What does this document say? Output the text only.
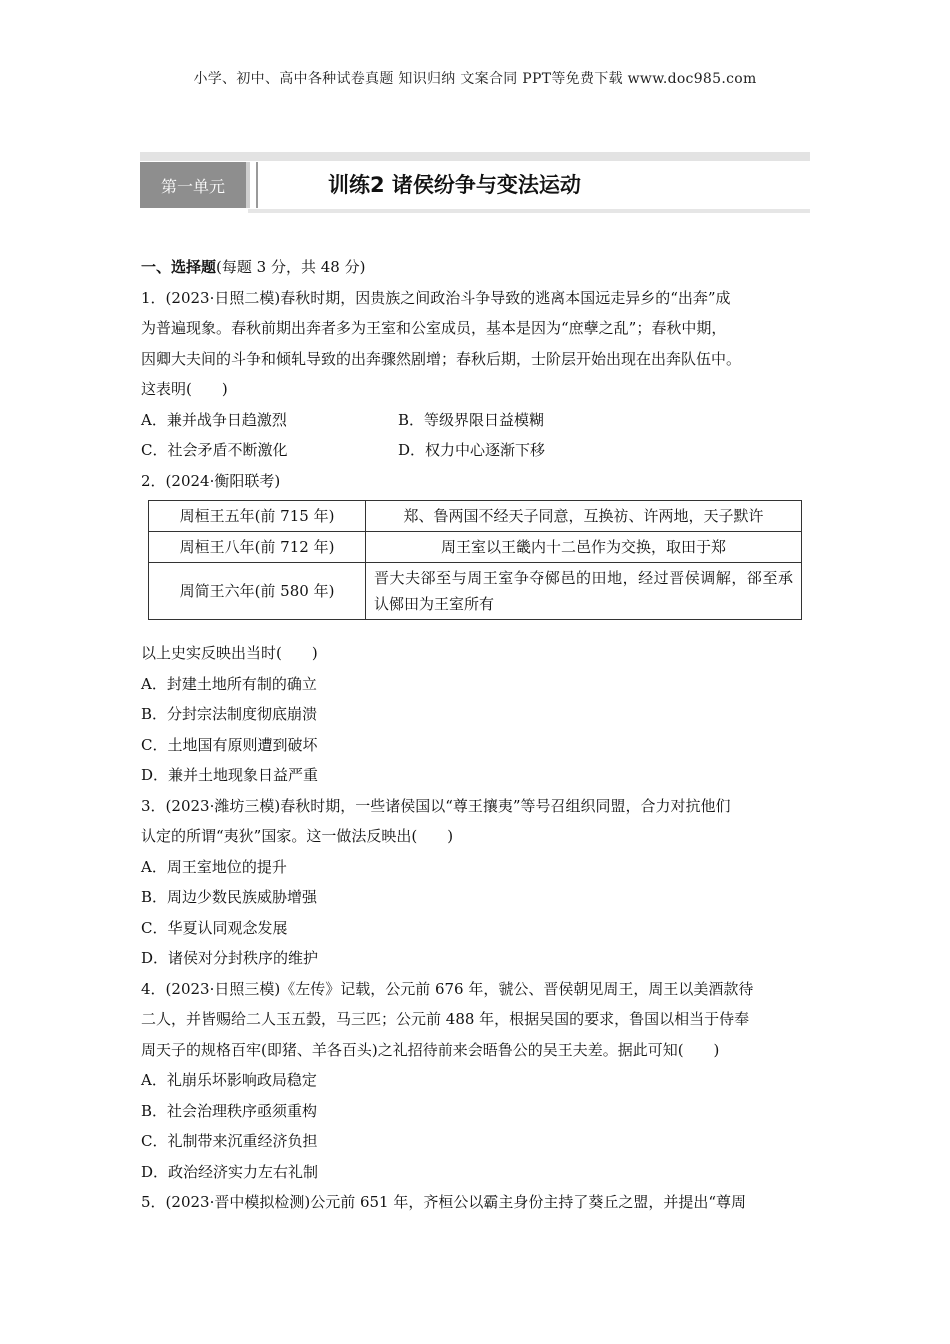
小学、初中、高中各种试卷真题 知识归纳 文案合同 PPT等免费下载 www.doc985.com
第一单元	训练2 诸侯纷争与变法运动

一、选择题(每题 3 分，共 48 分)

1．(2023·日照二模)春秋时期，因贵族之间政治斗争导致的逃离本国远走异乡的“出奔”成

为普遍现象。春秋前期出奔者多为王室和公室成员，基本是因为“庶孽之乱”；春秋中期，

因卿大夫间的斗争和倾轧导致的出奔骤然剧增；春秋后期，士阶层开始出现在出奔队伍中。

这表明(　　)

A．兼并战争日趋激烈	B．等级界限日益模糊
C．社会矛盾不断激化	D．权力中心逐渐下移

2．(2024·衡阳联考)

周桓王五年(前 715 年)	郑、鲁两国不经天子同意，互换祊、许两地，天子默许
周桓王八年(前 712 年)	周王室以王畿内十二邑作为交换，取田于郑
周简王六年(前 580 年)	晋大夫郤至与周王室争夺鄇邑的田地，经过晋侯调解，郤至承认鄇田为王室所有

以上史实反映出当时(　　)

A．封建土地所有制的确立

B．分封宗法制度彻底崩溃

C．土地国有原则遭到破坏

D．兼并土地现象日益严重

3．(2023·潍坊三模)春秋时期，一些诸侯国以“尊王攘夷”等号召组织同盟，合力对抗他们

认定的所谓“夷狄”国家。这一做法反映出(　　)

A．周王室地位的提升

B．周边少数民族威胁增强

C．华夏认同观念发展

D．诸侯对分封秩序的维护

4．(2023·日照三模)《左传》记载，公元前 676 年，虢公、晋侯朝见周王，周王以美酒款待

二人，并皆赐给二人玉五瑴，马三匹；公元前 488 年，根据吴国的要求，鲁国以相当于侍奉

周天子的规格百牢(即猪、羊各百头)之礼招待前来会晤鲁公的吴王夫差。据此可知(　　)

A．礼崩乐坏影响政局稳定

B．社会治理秩序亟须重构

C．礼制带来沉重经济负担

D．政治经济实力左右礼制

5．(2023·晋中模拟检测)公元前 651 年，齐桓公以霸主身份主持了葵丘之盟，并提出“尊周
